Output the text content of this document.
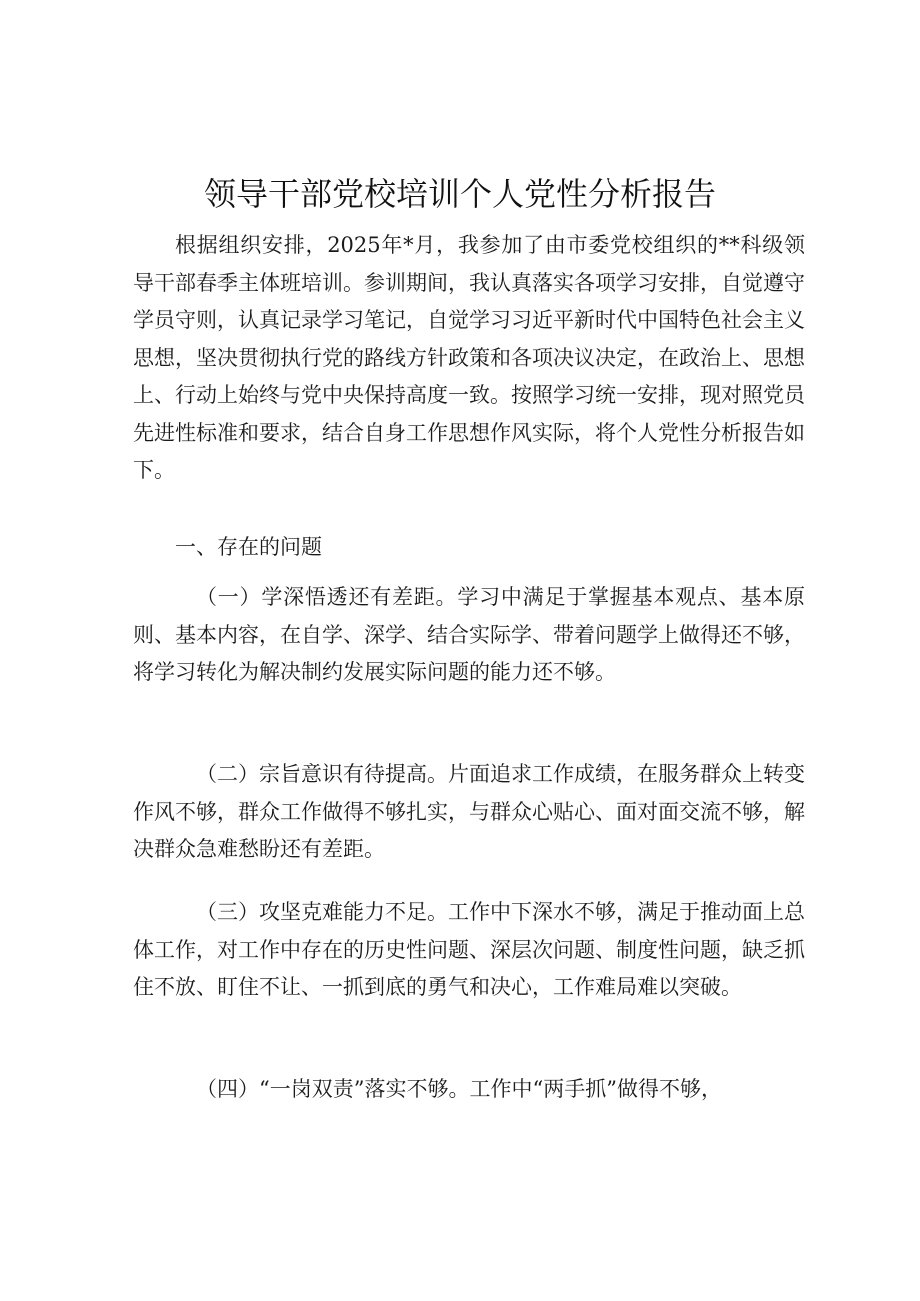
领导干部党校培训个人党性分析报告

根据组织安排，2025年*月，我参加了由市委党校组织的**科级领导干部春季主体班培训。参训期间，我认真落实各项学习安排，自觉遵守学员守则，认真记录学习笔记，自觉学习习近平新时代中国特色社会主义思想，坚决贯彻执行党的路线方针政策和各项决议决定，在政治上、思想上、行动上始终与党中央保持高度一致。按照学习统一安排，现对照党员先进性标准和要求，结合自身工作思想作风实际，将个人党性分析报告如下。

一、存在的问题

（一）学深悟透还有差距。学习中满足于掌握基本观点、基本原则、基本内容，在自学、深学、结合实际学、带着问题学上做得还不够，将学习转化为解决制约发展实际问题的能力还不够。

（二）宗旨意识有待提高。片面追求工作成绩，在服务群众上转变作风不够，群众工作做得不够扎实，与群众心贴心、面对面交流不够，解决群众急难愁盼还有差距。

（三）攻坚克难能力不足。工作中下深水不够，满足于推动面上总体工作，对工作中存在的历史性问题、深层次问题、制度性问题，缺乏抓住不放、盯住不让、一抓到底的勇气和决心，工作难局难以突破。

（四）“一岗双责”落实不够。工作中“两手抓”做得不够，
